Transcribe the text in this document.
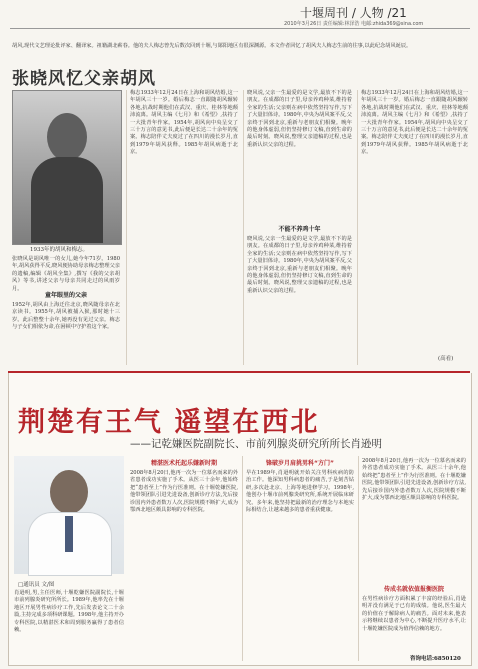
十堰周刊 / 人物 /21
2010年3月26日 责任编辑:林泽浩 电邮:zhida369@sina.com
胡风,现代文艺理论批评家、翻译家。祖籍湖北蕲春。他的夫人梅志曾先后数次回到十堰,与郧阳地区有很深渊源。本文作者回忆了胡风夫人梅志生前的往事,以此纪念胡风诞辰。
张晓风忆父亲胡风
1933年的胡风和梅志。
张晓风是胡风唯一的女儿,她今年71岁。1980年,胡风获得平反,晓风便协助母亲梅志整理父亲的遗稿,编辑《胡风全集》,撰写《我的父亲胡风》等书,讲述父亲与母亲共同走过的风雨岁月。
童年眼里的父亲
1952年,胡风由上海迁往北京,晓风随母亲在北京读书。1955年,胡风被捕入狱,那时她十三岁。此后整整十余年,她再没有见过父亲。梅志与子女们相依为命,在困顿中守护着这个家。
梅志1933年12月24日在上海和胡风结婚,这一年胡风三十一岁。婚后梅志一直跟随胡风辗转各地,抗战时期他们在武汉、重庆、桂林等地颠沛流离。胡风主编《七月》和《希望》,扶持了一大批青年作家。1954年,胡风向中央呈交了三十万言的意见书,此后便是长达二十余年的冤案。梅志陪伴丈夫度过了在四川的漫长岁月,直到1979年胡风获释。1985年胡风病逝于北京。
晓风说,父亲一生最爱的是文学,最放不下的是朋友。在成都的日子里,母亲养鸡种菜,维持着全家的生活;父亲则在病中依然坚持写作,写下了大量旧体诗。1980年,中央为胡风案平反,父亲终于回到北京,重新与老朋友们相聚。晚年的他身体虚弱,但仍坚持修订文稿,直到生命的最后时刻。晓风说,整理父亲遗稿的过程,也是重新认识父亲的过程。
不能不养鸡十年
晓风说,父亲一生最爱的是文学,最放不下的是朋友。在成都的日子里,母亲养鸡种菜,维持着全家的生活;父亲则在病中依然坚持写作,写下了大量旧体诗。1980年,中央为胡风案平反,父亲终于回到北京,重新与老朋友们相聚。晚年的他身体虚弱,但仍坚持修订文稿,直到生命的最后时刻。晓风说,整理父亲遗稿的过程,也是重新认识父亲的过程。
梅志1933年12月24日在上海和胡风结婚,这一年胡风三十一岁。婚后梅志一直跟随胡风辗转各地,抗战时期他们在武汉、重庆、桂林等地颠沛流离。胡风主编《七月》和《希望》,扶持了一大批青年作家。1954年,胡风向中央呈交了三十万言的意见书,此后便是长达二十余年的冤案。梅志陪伴丈夫度过了在四川的漫长岁月,直到1979年胡风获释。1985年胡风病逝于北京。
(高看)
荆楚有王气 遥望在西北
——记乾嫌医院副院长、市前列腺炎研究所所长肖逊明
□通讯员 文/图
肖逊明,男,主任医师,十堰乾嫌医院副院长,十堰市前列腺炎研究所所长。1989年,他率先在十堰地区开展男性病诊疗工作,先后发表论文二十余篇,主持完成多项科研课题。1998年,他主持开办专科医院,以精湛医术和周到服务赢得了患者信赖。
精湛医术托起乐嫌新时期
2008年8月20日,他再一次为一位慕名而来的外省患者成功实施了手术。从医三十余年,他始终把“患者至上”作为行医准则。在十堰乾嫌医院,他带领团队引进先进设备,创新诊疗方法,先后接诊国内外患者数万人次,医院规模不断扩大,成为鄂西北地区颇具影响的专科医院。
锋破岁月肩挑男科“方门”
早在1989年,肖逊明就开始关注男科疾病的防治工作。他深知男科病患者的痛苦,于是刻苦钻研,多次赴北京、上海等地进修学习。1998年,他创办十堰市前列腺炎研究所,系统开展临床研究。多年来,他坚持把最新的治疗理念与本地实际相结合,让越来越多的患者重获健康。
2008年8月20日,他再一次为一位慕名而来的外省患者成功实施了手术。从医三十余年,他始终把“患者至上”作为行医准则。在十堰乾嫌医院,他带领团队引进先进设备,创新诊疗方法,先后接诊国内外患者数万人次,医院规模不断扩大,成为鄂西北地区颇具影响的专科医院。
传成名就依值报衡医院
在男性病诊疗方面积累了丰富的经验后,肖逊明并没有满足于已有的成绩。他说,医生最大的价值在于解除病人的痛苦。面对未来,他表示将继续以患者为中心,不断提升医疗水平,让十堰乾嫌医院成为值得信赖的地方。
咨询电话:6850120
